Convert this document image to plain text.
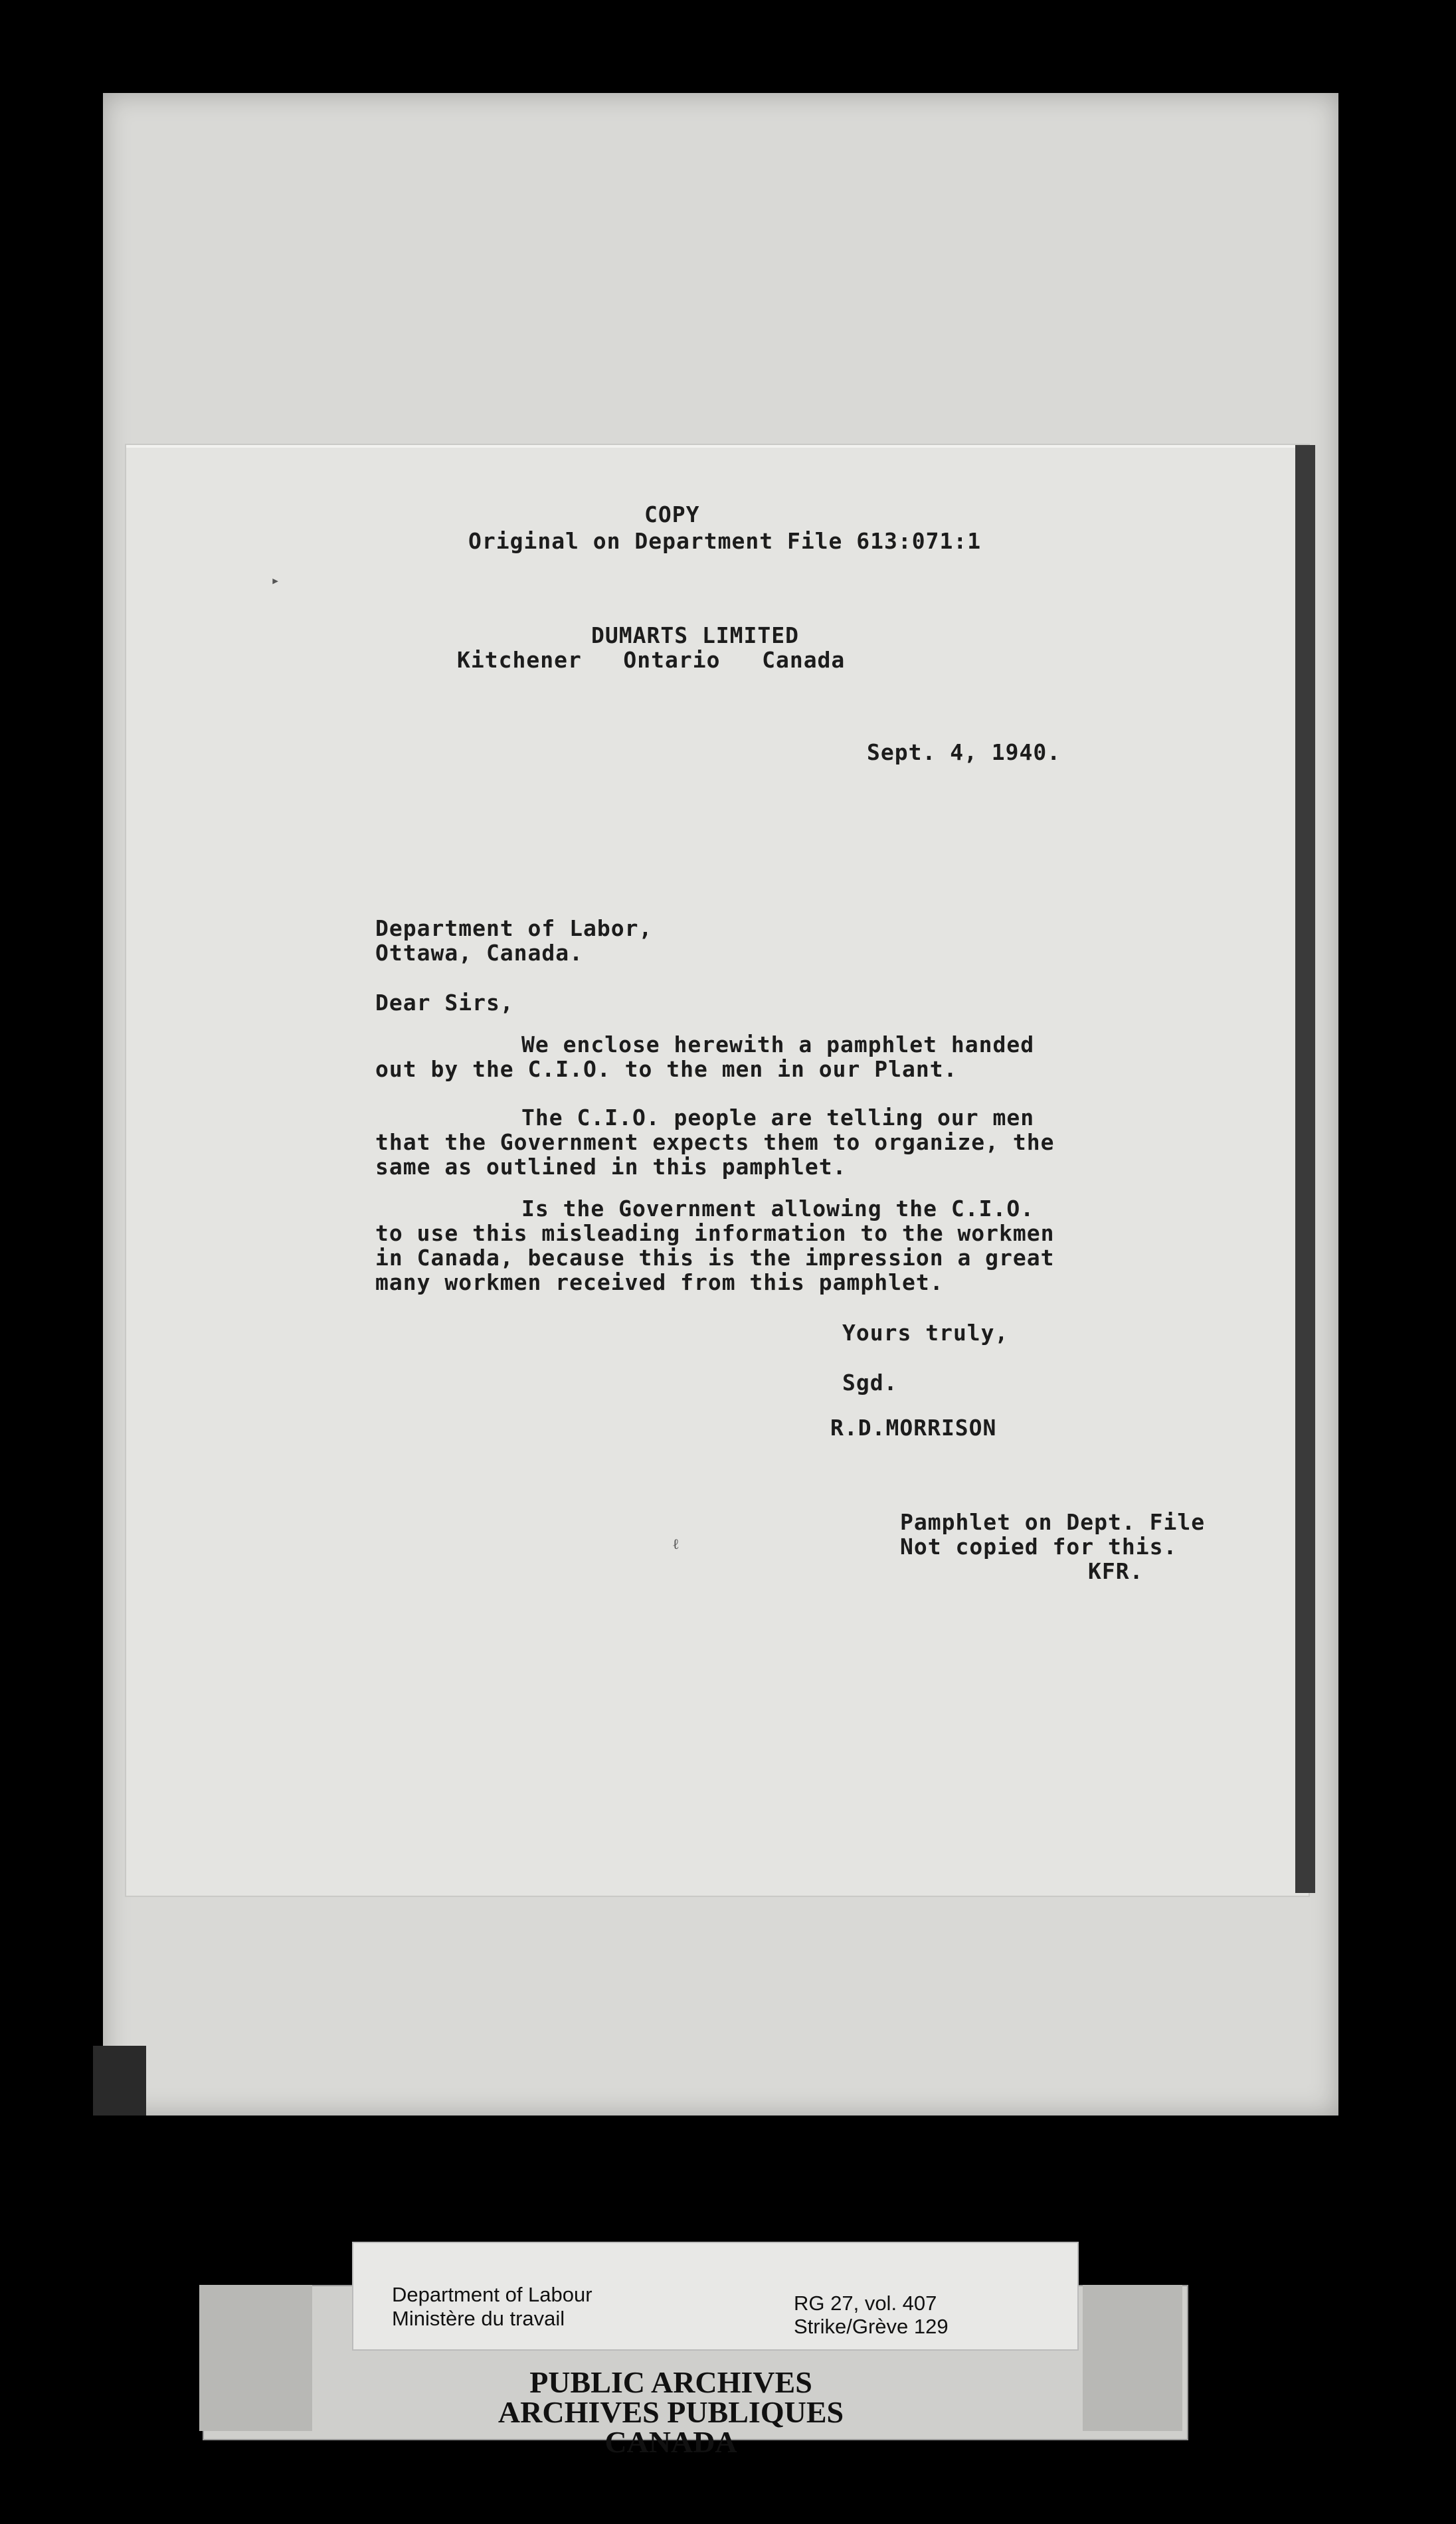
COPY
Original on Department File 613:071:1
DUMARTS LIMITED
Kitchener   Ontario   Canada
Sept. 4, 1940.
Department of Labor,
Ottawa, Canada.
Dear Sirs,
We enclose herewith a pamphlet handed
out by the C.I.O. to the men in our Plant.
The C.I.O. people are telling our men
that the Government expects them to organize, the
same as outlined in this pamphlet.
Is the Government allowing the C.I.O.
to use this misleading information to the workmen
in Canada, because this is the impression a great
many workmen received from this pamphlet.
Yours truly,
Sgd.
R.D.MORRISON
Pamphlet on Dept. File
Not copied for this.
KFR.
▸
ℓ
Department of Labour
Ministère du travail
RG 27, vol. 407
Strike/Grève 129
PUBLIC ARCHIVES
ARCHIVES PUBLIQUES
CANADA
